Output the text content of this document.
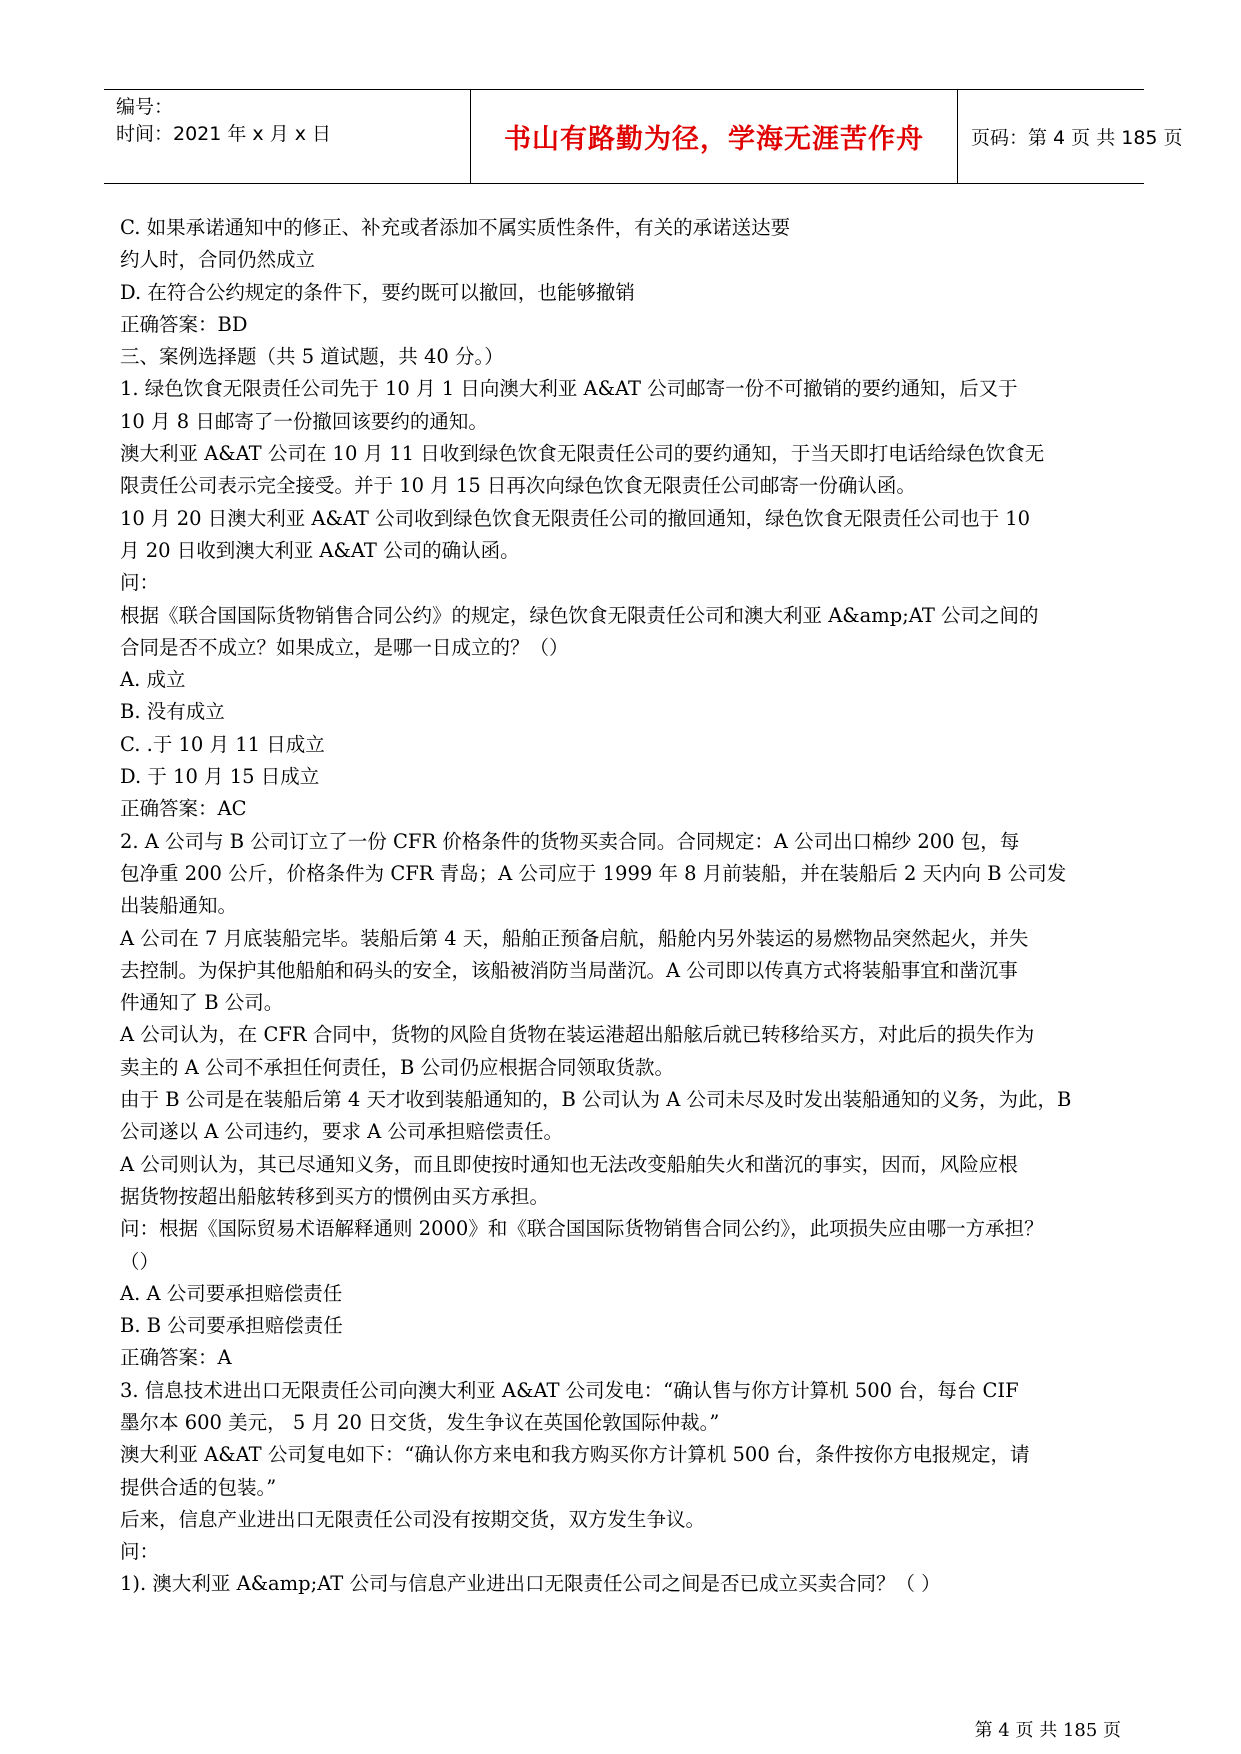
编号：
时间：2021 年 x 月 x 日	书山有路勤为径，学海无涯苦作舟	页码：第 4 页 共 185 页
C. 如果承诺通知中的修正、补充或者添加不属实质性条件，有关的承诺送达要
约人时，合同仍然成立
D. 在符合公约规定的条件下，要约既可以撤回，也能够撤销
正确答案：BD
三、案例选择题（共 5 道试题，共 40 分。）
1. 绿色饮食无限责任公司先于 10 月 1 日向澳大利亚 A&AT 公司邮寄一份不可撤销的要约通知，后又于
10 月 8 日邮寄了一份撤回该要约的通知。
澳大利亚 A&AT 公司在 10 月 11 日收到绿色饮食无限责任公司的要约通知，于当天即打电话给绿色饮食无
限责任公司表示完全接受。并于 10 月 15 日再次向绿色饮食无限责任公司邮寄一份确认函。
10 月 20 日澳大利亚 A&AT 公司收到绿色饮食无限责任公司的撤回通知，绿色饮食无限责任公司也于 10
月 20 日收到澳大利亚 A&AT 公司的确认函。
问：
根据《联合国国际货物销售合同公约》的规定，绿色饮食无限责任公司和澳大利亚 A&amp;AT 公司之间的
合同是否不成立？如果成立，是哪一日成立的？（）
A. 成立
B. 没有成立
C. .于 10 月 11 日成立
D. 于 10 月 15 日成立
正确答案：AC
2. A 公司与 B 公司订立了一份 CFR 价格条件的货物买卖合同。合同规定：A 公司出口棉纱 200 包，每
包净重 200 公斤，价格条件为 CFR 青岛；A 公司应于 1999 年 8 月前装船，并在装船后 2 天内向 B 公司发
出装船通知。
A 公司在 7 月底装船完毕。装船后第 4 天，船舶正预备启航，船舱内另外装运的易燃物品突然起火，并失
去控制。为保护其他船舶和码头的安全，该船被消防当局凿沉。A 公司即以传真方式将装船事宜和凿沉事
件通知了 B 公司。
A 公司认为，在 CFR 合同中，货物的风险自货物在装运港超出船舷后就已转移给买方，对此后的损失作为
卖主的 A 公司不承担任何责任，B 公司仍应根据合同领取货款。
由于 B 公司是在装船后第 4 天才收到装船通知的，B 公司认为 A 公司未尽及时发出装船通知的义务，为此，B
公司遂以 A 公司违约，要求 A 公司承担赔偿责任。
A 公司则认为，其已尽通知义务，而且即使按时通知也无法改变船舶失火和凿沉的事实，因而，风险应根
据货物按超出船舷转移到买方的惯例由买方承担。
问：根据《国际贸易术语解释通则 2000》和《联合国国际货物销售合同公约》，此项损失应由哪一方承担？
（）
A. A 公司要承担赔偿责任
B. B 公司要承担赔偿责任
正确答案：A
3. 信息技术进出口无限责任公司向澳大利亚 A&AT 公司发电：“确认售与你方计算机 500 台，每台 CIF
墨尔本 600 美元， 5 月 20 日交货，发生争议在英国伦敦国际仲裁。”
澳大利亚 A&AT 公司复电如下：“确认你方来电和我方购买你方计算机 500 台，条件按你方电报规定，请
提供合适的包装。”
后来，信息产业进出口无限责任公司没有按期交货，双方发生争议。
问：
1). 澳大利亚 A&amp;AT 公司与信息产业进出口无限责任公司之间是否已成立买卖合同？（ ）
第 4 页 共 185 页
